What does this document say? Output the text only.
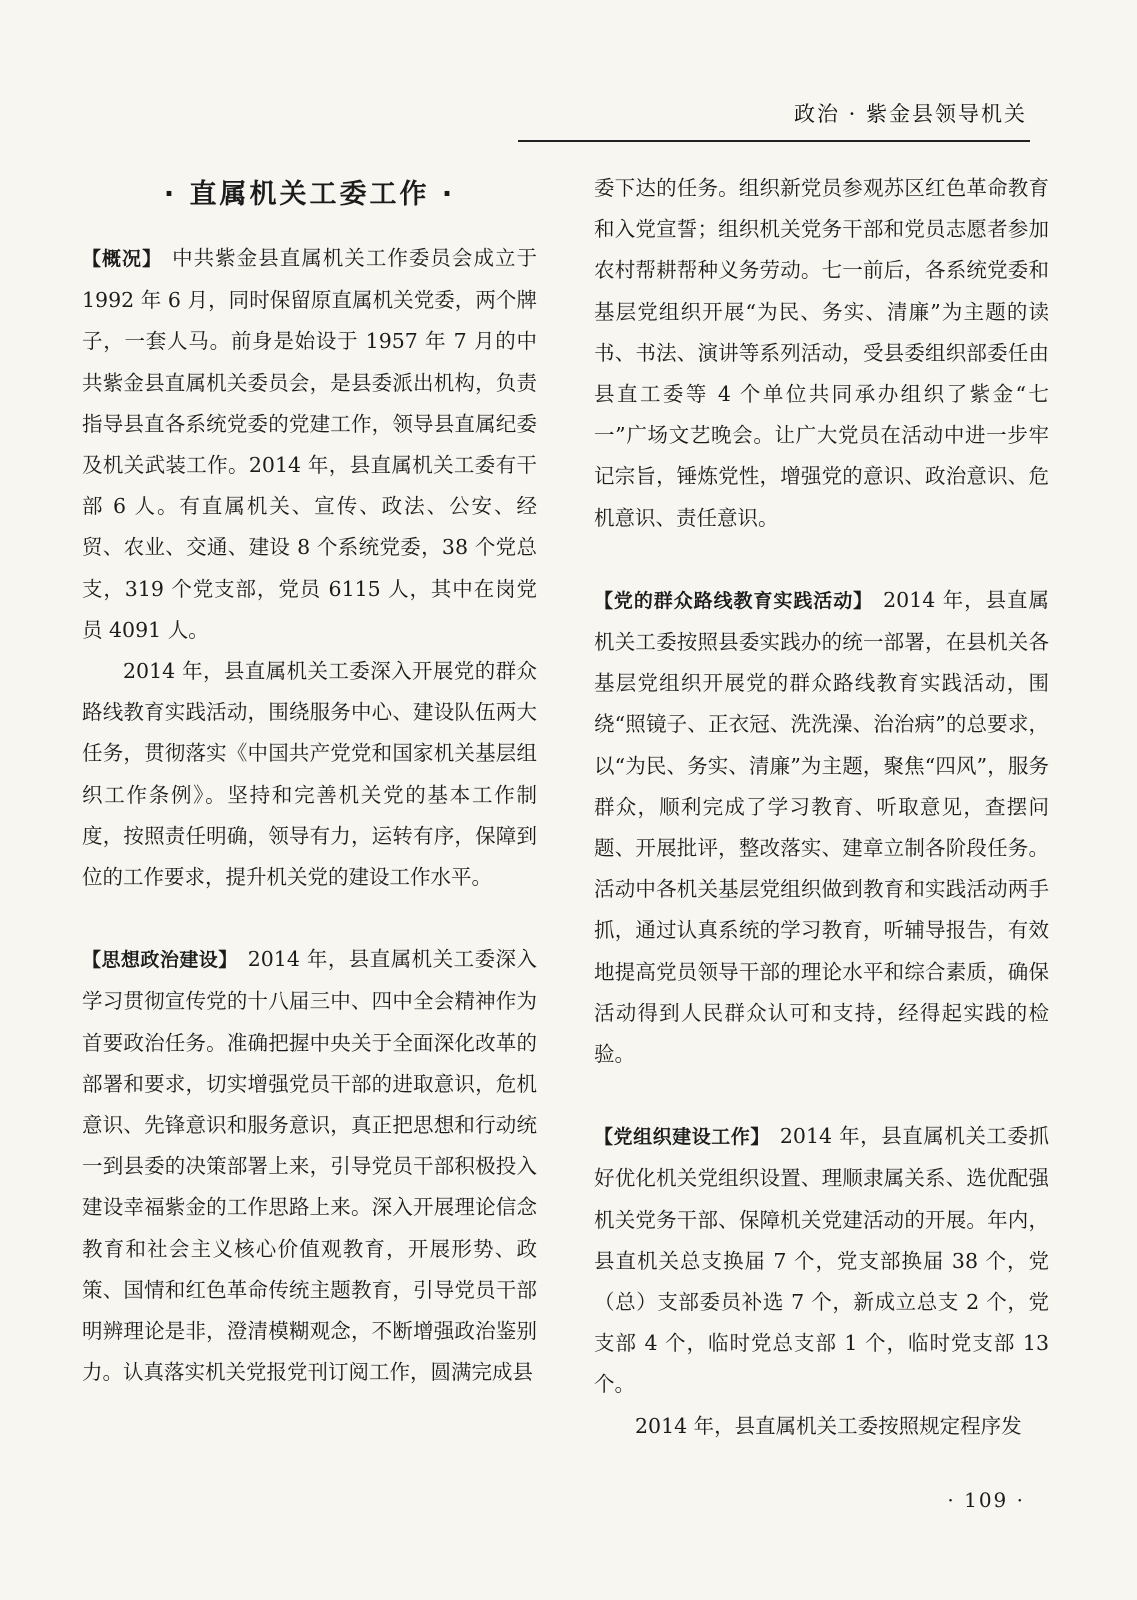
政治 · 紫金县领导机关
· 直属机关工委工作 ·

【概况】 中共紫金县直属机关工作委员会成立于 1992 年 6 月，同时保留原直属机关党委，两个牌子，一套人马。前身是始设于 1957 年 7 月的中共紫金县直属机关委员会，是县委派出机构，负责指导县直各系统党委的党建工作，领导县直属纪委及机关武装工作。2014 年，县直属机关工委有干部 6 人。有直属机关、宣传、政法、公安、经贸、农业、交通、建设 8 个系统党委，38 个党总支，319 个党支部，党员 6115 人，其中在岗党员 4091 人。

2014 年，县直属机关工委深入开展党的群众路线教育实践活动，围绕服务中心、建设队伍两大任务，贯彻落实《中国共产党党和国家机关基层组织工作条例》。坚持和完善机关党的基本工作制度，按照责任明确，领导有力，运转有序，保障到位的工作要求，提升机关党的建设工作水平。

【思想政治建设】 2014 年，县直属机关工委深入学习贯彻宣传党的十八届三中、四中全会精神作为首要政治任务。准确把握中央关于全面深化改革的部署和要求，切实增强党员干部的进取意识，危机意识、先锋意识和服务意识，真正把思想和行动统一到县委的决策部署上来，引导党员干部积极投入建设幸福紫金的工作思路上来。深入开展理论信念教育和社会主义核心价值观教育，开展形势、政策、国情和红色革命传统主题教育，引导党员干部明辨理论是非，澄清模糊观念，不断增强政治鉴别力。认真落实机关党报党刊订阅工作，圆满完成县

委下达的任务。组织新党员参观苏区红色革命教育和入党宣誓；组织机关党务干部和党员志愿者参加农村帮耕帮种义务劳动。七一前后，各系统党委和基层党组织开展“为民、务实、清廉”为主题的读书、书法、演讲等系列活动，受县委组织部委任由县直工委等 4 个单位共同承办组织了紫金“七一”广场文艺晚会。让广大党员在活动中进一步牢记宗旨，锤炼党性，增强党的意识、政治意识、危机意识、责任意识。

【党的群众路线教育实践活动】 2014 年，县直属机关工委按照县委实践办的统一部署，在县机关各基层党组织开展党的群众路线教育实践活动，围绕“照镜子、正衣冠、洗洗澡、治治病”的总要求，以“为民、务实、清廉”为主题，聚焦“四风”，服务群众，顺利完成了学习教育、听取意见，查摆问题、开展批评，整改落实、建章立制各阶段任务。活动中各机关基层党组织做到教育和实践活动两手抓，通过认真系统的学习教育，听辅导报告，有效地提高党员领导干部的理论水平和综合素质，确保活动得到人民群众认可和支持，经得起实践的检验。

【党组织建设工作】 2014 年，县直属机关工委抓好优化机关党组织设置、理顺隶属关系、选优配强机关党务干部、保障机关党建活动的开展。年内，县直机关总支换届 7 个，党支部换届 38 个，党（总）支部委员补选 7 个，新成立总支 2 个，党支部 4 个，临时党总支部 1 个，临时党支部 13 个。

2014 年，县直属机关工委按照规定程序发

· 109 ·
